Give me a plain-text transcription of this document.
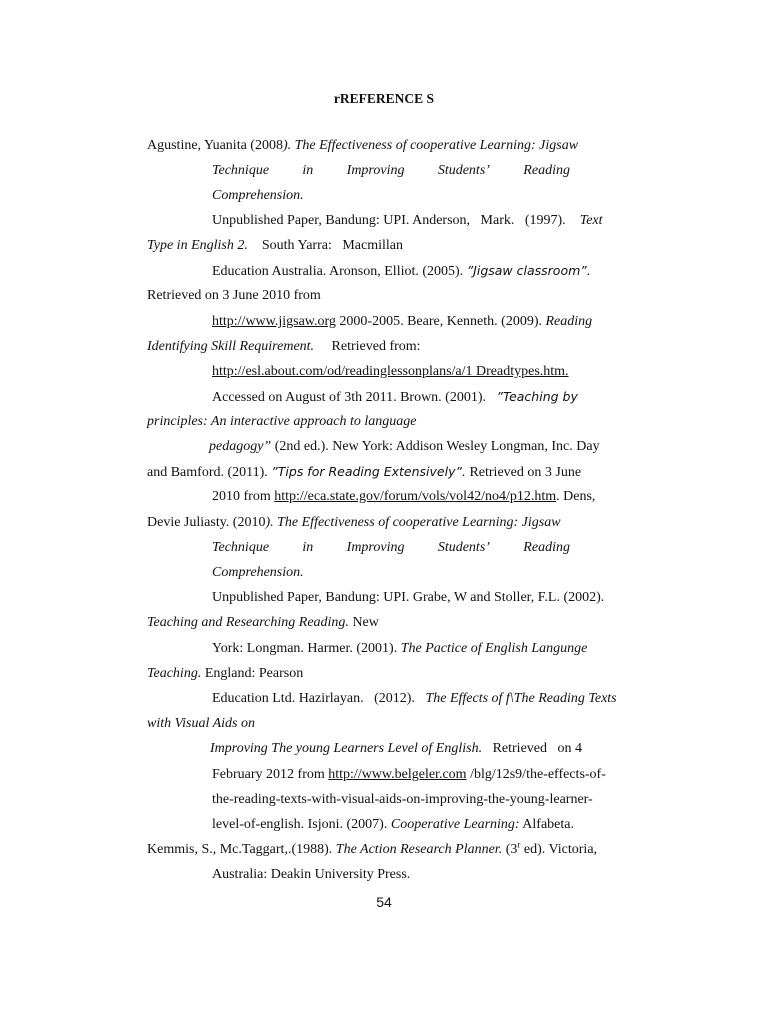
rREFERENCE S
Agustine, Yuanita (2008). The Effectiveness of cooperative Learning: Jigsaw
Technique in Improving Students’ Reading
Comprehension.
Unpublished Paper, Bandung: UPI. Anderson,   Mark.   (1997).    Text
Type in English 2.    South Yarra:   Macmillan
Education Australia. Aronson, Elliot. (2005). ”Jigsaw classroom”.
Retrieved on 3 June 2010 from
http://www.jigsaw.org 2000-2005. Beare, Kenneth. (2009). Reading
Identifying Skill Requirement.     Retrieved from:
http://esl.about.com/od/readinglessonplans/a/1 Dreadtypes.htm.
Accessed on August of 3th 2011. Brown. (2001).   ”Teaching by
principles: An interactive approach to language
pedagogy” (2nd ed.). New York: Addison Wesley Longman, Inc. Day
and Bamford. (2011). ”Tips for Reading Extensively”. Retrieved on 3 June
2010 from http://eca.state.gov/forum/vols/vol42/no4/p12.htm. Dens,
Devie Juliasty. (2010). The Effectiveness of cooperative Learning: Jigsaw
Technique in Improving Students’ Reading
Comprehension.
Unpublished Paper, Bandung: UPI. Grabe, W and Stoller, F.L. (2002).
Teaching and Researching Reading. New
York: Longman. Harmer. (2001). The Pactice of English Langunge
Teaching. England: Pearson
Education Ltd. Hazirlayan.   (2012).   The Effects of f\The Reading Texts
with Visual Aids on
Improving The young Learners Level of English.   Retrieved   on 4
February 2012 from http://www.belgeler.com /blg/12s9/the-effects-of-
the-reading-texts-with-visual-aids-on-improving-the-young-learner-
level-of-english. Isjoni. (2007). Cooperative Learning: Alfabeta.
Kemmis, S., Mc.Taggart,.(1988). The Action Research Planner. (3$^r$ ed). Victoria,
Australia: Deakin University Press.
54
